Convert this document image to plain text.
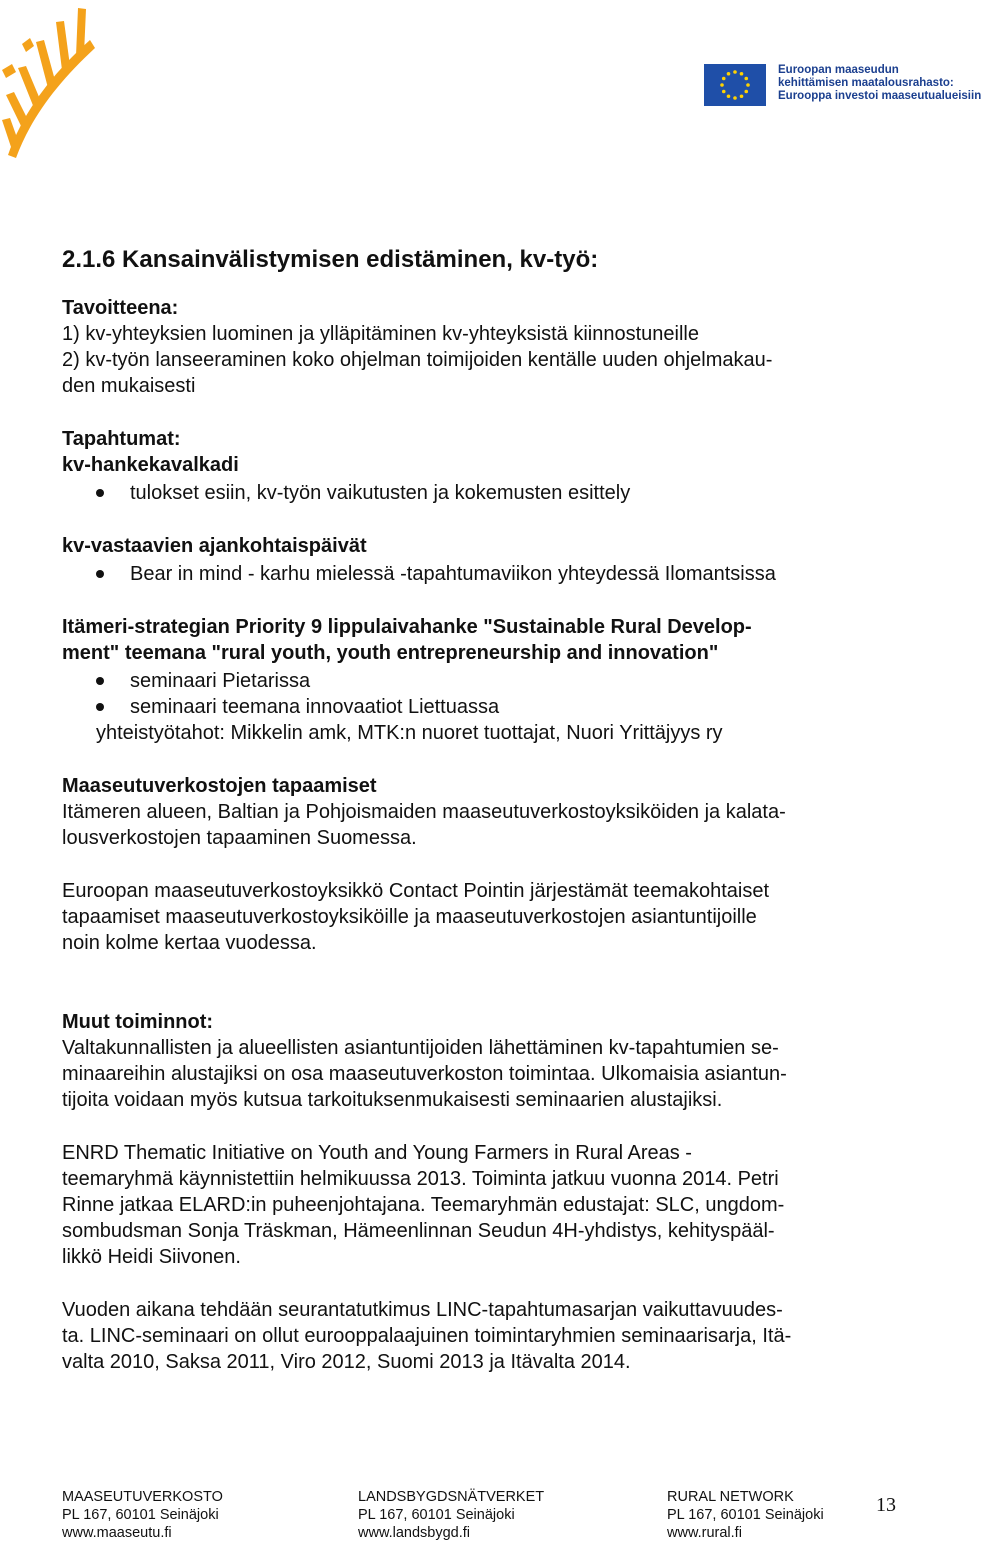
Euroopan maaseudun
kehittämisen maatalousrahasto:
Eurooppa investoi maaseutualueisiin
2.1.6 Kansainvälistymisen edistäminen, kv-työ:

Tavoitteena:

1) kv-yhteyksien luominen ja ylläpitäminen kv-yhteyksistä kiinnostuneille

2) kv-työn lanseeraminen koko ohjelman toimijoiden kentälle uuden ohjelmakau-

den mukaisesti

Tapahtumat:

kv-hankekavalkadi

tulokset esiin, kv-työn vaikutusten ja kokemusten esittely

kv-vastaavien ajankohtaispäivät

Bear in mind - karhu mielessä -tapahtumaviikon yhteydessä Ilomantsissa

Itämeri-strategian Priority 9 lippulaivahanke "Sustainable Rural Develop-

ment" teemana "rural youth, youth entrepreneurship and innovation"

seminaari Pietarissa
seminaari teemana innovaatiot Liettuassa

yhteistyötahot: Mikkelin amk, MTK:n nuoret tuottajat, Nuori Yrittäjyys ry

Maaseutuverkostojen tapaamiset

Itämeren alueen, Baltian ja Pohjoismaiden maaseutuverkostoyksiköiden ja kalata-

lousverkostojen tapaaminen Suomessa.

Euroopan maaseutuverkostoyksikkö Contact Pointin järjestämät teemakohtaiset

tapaamiset maaseutuverkostoyksiköille ja maaseutuverkostojen asiantuntijoille

noin kolme kertaa vuodessa.

Muut toiminnot:

Valtakunnallisten ja alueellisten asiantuntijoiden lähettäminen kv-tapahtumien se-

minaareihin alustajiksi on osa maaseutuverkoston toimintaa. Ulkomaisia asiantun-

tijoita voidaan myös kutsua tarkoituksenmukaisesti seminaarien alustajiksi.

ENRD Thematic Initiative on Youth and Young Farmers in Rural Areas -

teemaryhmä käynnistettiin helmikuussa 2013. Toiminta jatkuu vuonna 2014. Petri

Rinne jatkaa ELARD:in puheenjohtajana. Teemaryhmän edustajat: SLC, ungdom-

sombudsman Sonja Träskman, Hämeenlinnan Seudun 4H-yhdistys, kehityspääl-

likkö Heidi Siivonen.

Vuoden aikana tehdään seurantatutkimus LINC-tapahtumasarjan vaikuttavuudes-

ta. LINC-seminaari on ollut eurooppalaajuinen toimintaryhmien seminaarisarja, Itä-

valta 2010, Saksa 2011, Viro 2012, Suomi 2013 ja Itävalta 2014.

MAASEUTUVERKOSTO
PL 167, 60101 Seinäjoki
www.maaseutu.fi
LANDSBYGDSNÄTVERKET
PL 167, 60101 Seinäjoki
www.landsbygd.fi
RURAL NETWORK
PL 167, 60101 Seinäjoki
www.rural.fi
13
